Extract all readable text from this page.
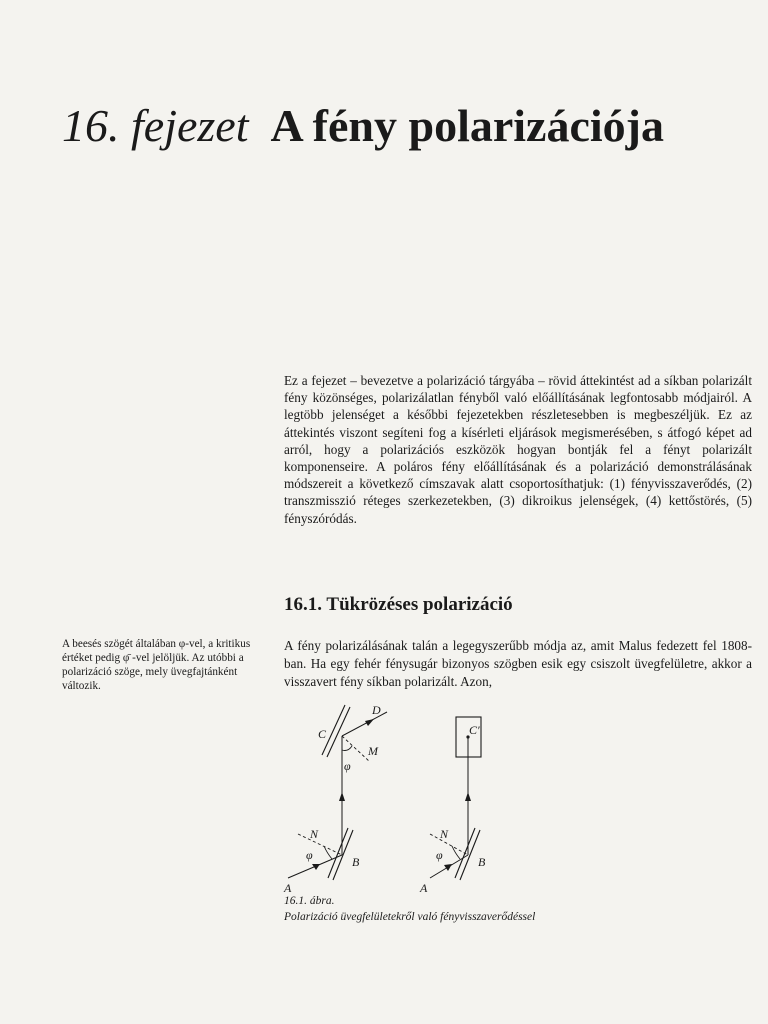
16. fejezet A fény polarizációja

Ez a fejezet – bevezetve a polarizáció tárgyába – rövid áttekintést ad a síkban polarizált fény közönséges, polarizálatlan fényből való előállításának legfontosabb módjairól. A legtöbb jelenséget a későbbi fejezetekben részletesebben is megbeszéljük. Ez az áttekintés viszont segíteni fog a kísérleti eljárások megismerésében, s átfogó képet ad arról, hogy a polarizációs eszközök hogyan bontják fel a fényt polarizált komponenseire. A poláros fény előállításának és a polarizáció demonstrálásának módszereit a következő címszavak alatt csoportosíthatjuk: (1) fényvisszaverődés, (2) transzmisszió réteges szerkezetekben, (3) dikroikus jelenségek, (4) kettőstörés, (5) fényszóródás.

16.1. Tükrözéses polarizáció
A beesés szögét általában φ-vel, a kritikus értéket pedig φ̄ -vel jelöljük. Az utóbbi a polarizáció szöge, mely üvegfajtánként változik.

A fény polarizálásának talán a legegyszerűbb módja az, amit Malus fedezett fel 1808-ban. Ha egy fehér fénysugár bizonyos szögben esik egy csiszolt üvegfelületre, akkor a visszavert fény síkban polarizált. Azon,

A
B
C
D
M
N
φ
φ
A
B
C′
N
φ
16.1. ábra.
Polarizáció üvegfelületekről való fényvisszaverődéssel
